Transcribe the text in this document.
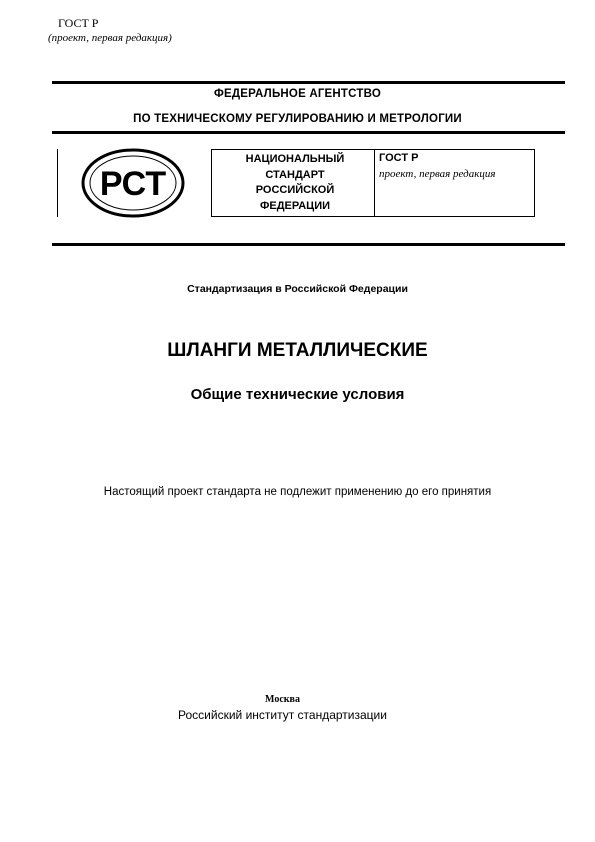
ГОСТ Р
(проект, первая редакция)
ФЕДЕРАЛЬНОЕ АГЕНТСТВО
ПО ТЕХНИЧЕСКОМУ РЕГУЛИРОВАНИЮ И МЕТРОЛОГИИ
РСТ
НАЦИОНАЛЬНЫЙ
СТАНДАРТ
РОССИЙСКОЙ
ФЕДЕРАЦИИ
ГОСТ Р
проект, первая редакция
Стандартизация в Российской Федерации
ШЛАНГИ МЕТАЛЛИЧЕСКИЕ
Общие технические условия
Настоящий проект стандарта не подлежит применению до его принятия
Москва
Российский институт стандартизации
